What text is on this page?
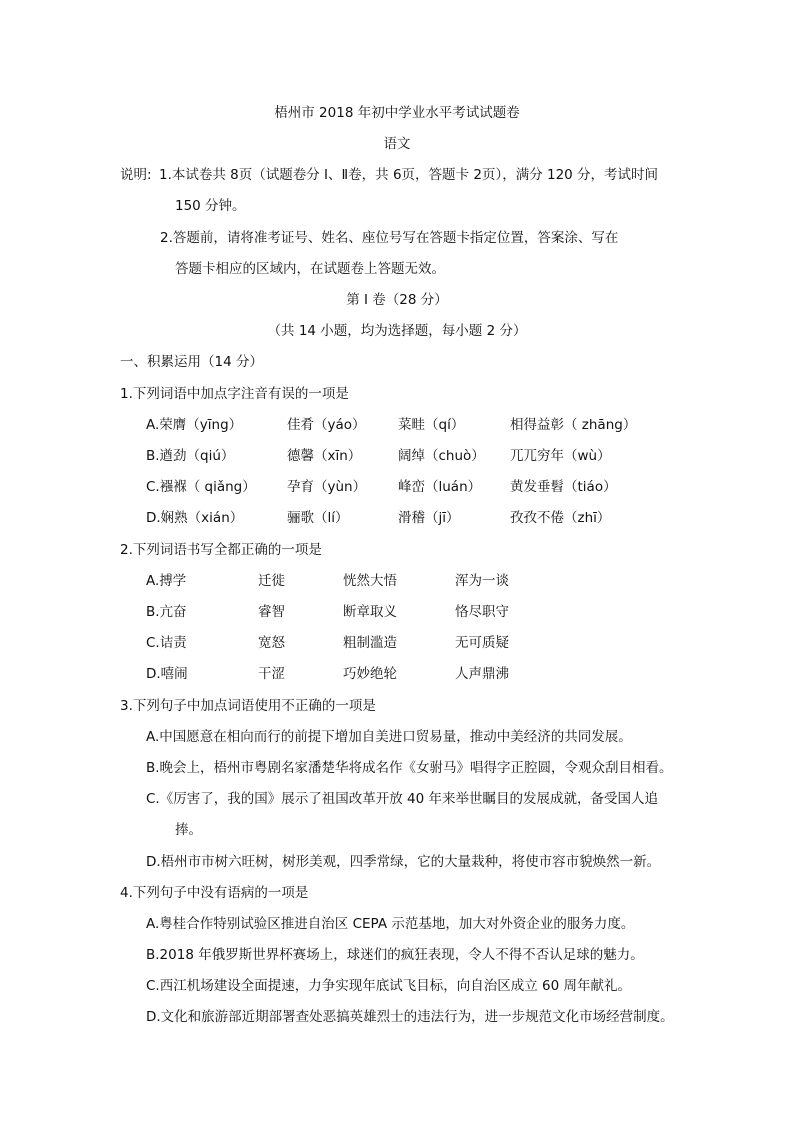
梧州市 2018 年初中学业水平考试试题卷
语文
说明: 1.本试卷共 8页（试题卷分 Ⅰ、Ⅱ卷，共 6页，答题卡 2页），满分 120 分，考试时间
150 分钟。
2.答题前，请将准考证号、姓名、座位号写在答题卡指定位置，答案涂、写在
答题卡相应的区域内，在试题卷上答题无效。
第 Ⅰ 卷（28 分）
（共 14 小题，均为选择题，每小题 2 分）
一、积累运用（14 分）
1.下列词语中加点字注音有误的一项是
A.荣膺（yīng）	佳肴（yáo） 菜畦（qí）	相得益彰（ zhāng）
B.遒劲（qiú）	德馨（xīn）	阔绰（chuò） 兀兀穷年（wù）
C.襁褓（ qiǎng） 孕育（yùn） 峰峦（luán） 黄发垂髫（tiáo）
D.娴熟（xián）	骊歌（lí）	滑稽（jī）	孜孜不倦（zhī）
2.下列词语书写全都正确的一项是
A.搏学	迁徙	恍然大悟	浑为一谈
B.亢奋	睿智	断章取义	恪尽职守
C.诘责	宽怒	粗制滥造	无可质疑
D.嘻闹	干涩	巧妙绝轮	人声鼎沸
3.下列句子中加点词语使用不正确的一项是
A.中国愿意在相向而行的前提下增加自美进口贸易量，推动中美经济的共同发展。
B.晚会上，梧州市粤剧名家潘楚华将成名作《女驸马》唱得字正腔圆，令观众刮目相看。
C.《厉害了，我的国》展示了祖国改革开放 40 年来举世瞩目的发展成就，备受国人追
捧。
D.梧州市市树六旺树，树形美观，四季常绿，它的大量栽种，将使市容市貌焕然一新。
4.下列句子中没有语病的一项是
A.粤桂合作特别试验区推进自治区 CEPA 示范基地，加大对外资企业的服务力度。
B.2018 年俄罗斯世界杯赛场上，球迷们的疯狂表现，令人不得不否认足球的魅力。
C.西江机场建设全面提速，力争实现年底试飞目标，向自治区成立 60 周年献礼。
D.文化和旅游部近期部署查处恶搞英雄烈士的违法行为，进一步规范文化市场经营制度。
